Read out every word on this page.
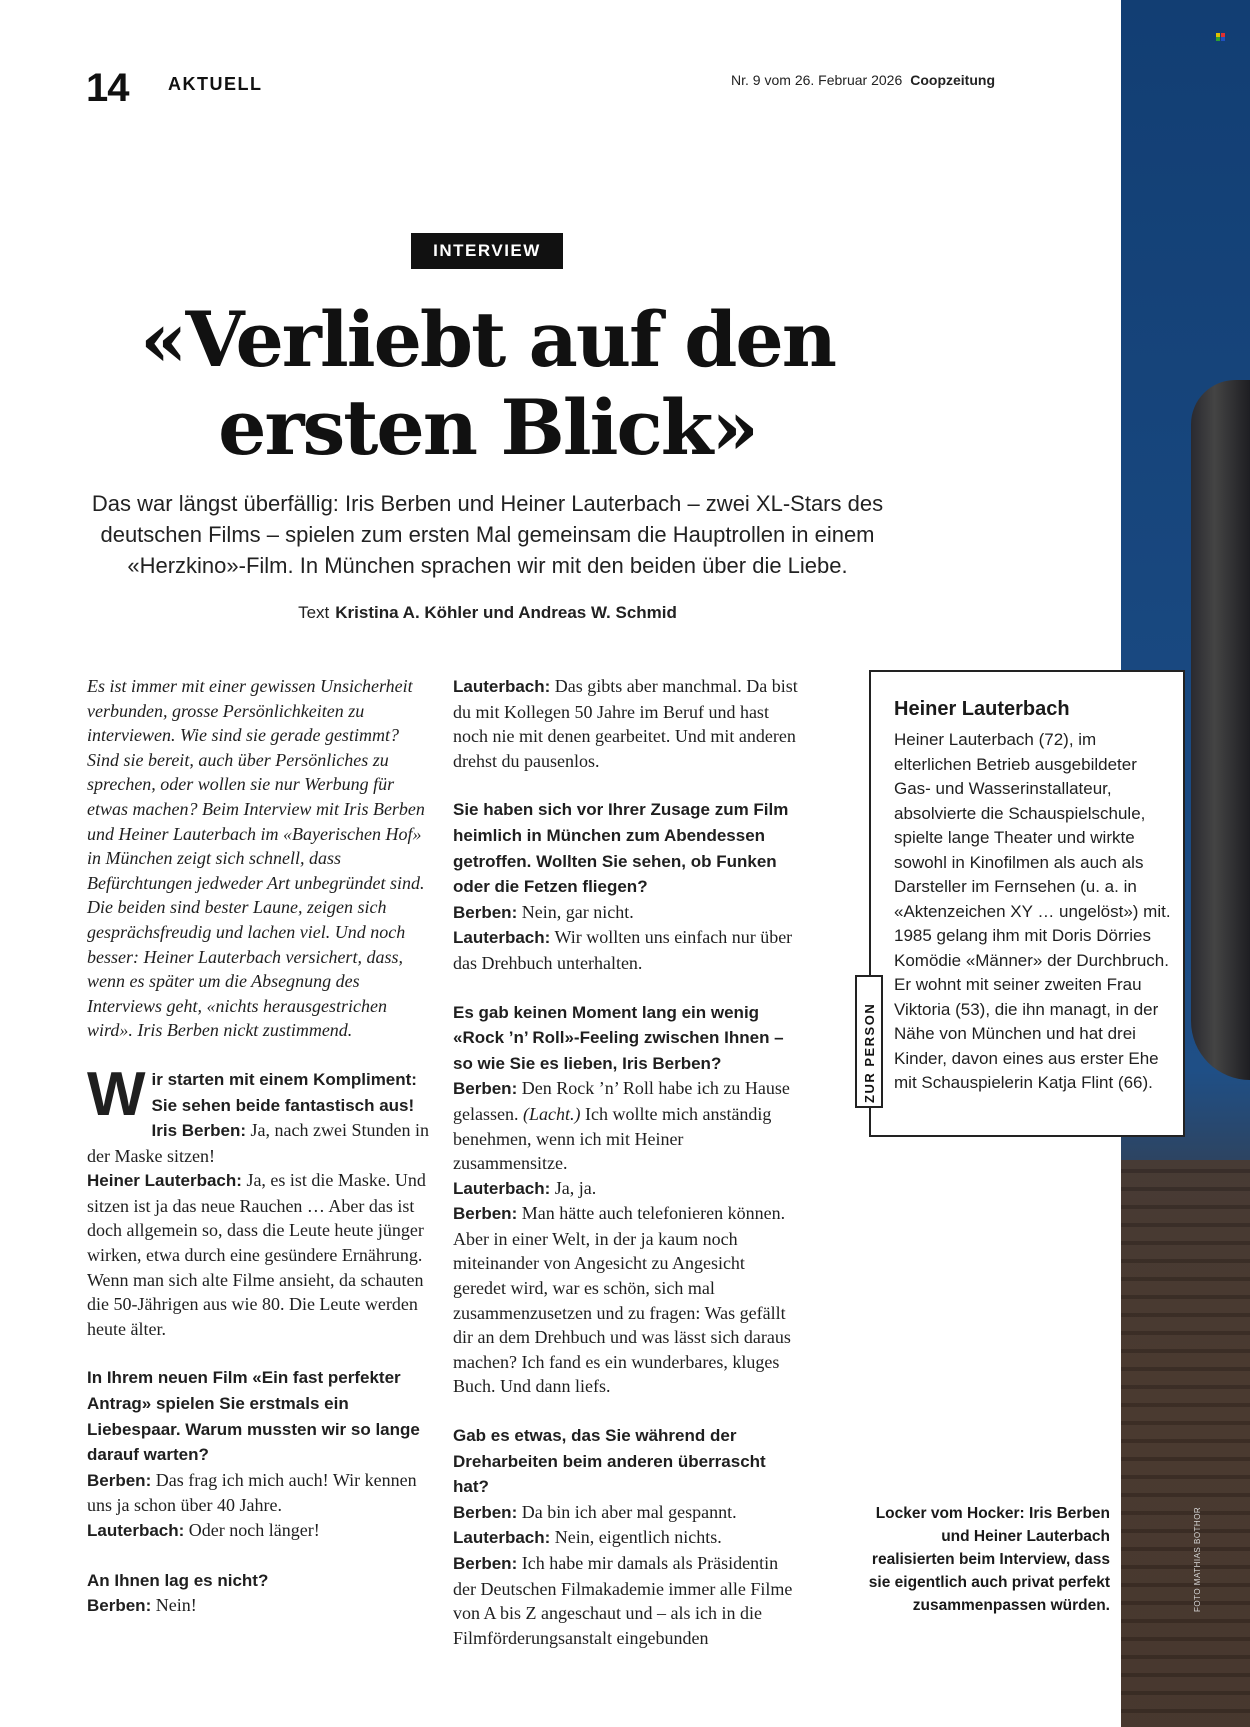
FOTO MATHIAS BOTHOR
14 AKTUELL	Nr. 9 vom 26. Februar 2026 Coopzeitung
INTERVIEW
«Verliebt auf den
ersten Blick»

Das war längst überfällig: Iris Berben und Heiner Lauterbach – zwei XL-Stars des deutschen Films – spielen zum ersten Mal gemeinsam die Hauptrollen in einem «Herzkino»-Film. In München sprachen wir mit den beiden über die Liebe.

Text Kristina A. Köhler und Andreas W. Schmid

Es ist immer mit einer gewissen Unsicherheit verbunden, grosse Persönlichkeiten zu interviewen. Wie sind sie gerade gestimmt? Sind sie bereit, auch über Persönliches zu sprechen, oder wollen sie nur Werbung für etwas machen? Beim Interview mit Iris Berben und Heiner Lauterbach im «Bayerischen Hof» in München zeigt sich schnell, dass Befürchtungen jedweder Art unbegründet sind. Die beiden sind bester Laune, zeigen sich gesprächsfreudig und lachen viel. Und noch besser: Heiner Lauterbach versichert, dass, wenn es später um die Absegnung des Interviews geht, «nichts herausgestrichen wird». Iris Berben nickt zustimmend.

Wir starten mit einem Kompliment: Sie sehen beide fantastisch aus!
Iris Berben: Ja, nach zwei Stunden in der Maske sitzen!
Heiner Lauterbach: Ja, es ist die Maske. Und sitzen ist ja das neue Rauchen … Aber das ist doch allgemein so, dass die Leute heute jünger wirken, etwa durch eine gesündere Ernährung. Wenn man sich alte Filme ansieht, da schauten die 50-Jährigen aus wie 80. Die Leute werden heute älter.

In Ihrem neuen Film «Ein fast perfekter Antrag» spielen Sie erstmals ein Liebespaar. Warum mussten wir so lange darauf warten?
Berben: Das frag ich mich auch! Wir kennen uns ja schon über 40 Jahre.
Lauterbach: Oder noch länger!

An Ihnen lag es nicht?
Berben: Nein!

Lauterbach: Das gibts aber manchmal. Da bist du mit Kollegen 50 Jahre im Beruf und hast noch nie mit denen gearbeitet. Und mit anderen drehst du pausenlos.

Sie haben sich vor Ihrer Zusage zum Film heimlich in München zum Abendessen getroffen. Wollten Sie sehen, ob Funken oder die Fetzen fliegen?
Berben: Nein, gar nicht.
Lauterbach: Wir wollten uns einfach nur über das Drehbuch unterhalten.

Es gab keinen Moment lang ein wenig «Rock ’n’ Roll»-Feeling zwischen Ihnen – so wie Sie es lieben, Iris Berben?
Berben: Den Rock ’n’ Roll habe ich zu Hause gelassen. (Lacht.) Ich wollte mich anständig benehmen, wenn ich mit Heiner zusammensitze.
Lauterbach: Ja, ja.
Berben: Man hätte auch telefonieren können. Aber in einer Welt, in der ja kaum noch miteinander von Angesicht zu Angesicht geredet wird, war es schön, sich mal zusammenzusetzen und zu fragen: Was gefällt dir an dem Drehbuch und was lässt sich daraus machen? Ich fand es ein wunderbares, kluges Buch. Und dann liefs.

Gab es etwas, das Sie während der Dreharbeiten beim anderen überrascht hat?
Berben: Da bin ich aber mal gespannt.
Lauterbach: Nein, eigentlich nichts.
Berben: Ich habe mir damals als Präsidentin der Deutschen Filmakademie immer alle Filme von A bis Z angeschaut und – als ich in die Filmförderungsanstalt eingebunden

Heiner Lauterbach
Heiner Lauterbach (72), im elterlichen Betrieb ausgebildeter Gas- und Wasserinstallateur, absolvierte die Schauspielschule, spielte lange Theater und wirkte sowohl in Kinofilmen als auch als Darsteller im Fernsehen (u. a. in «Aktenzeichen XY … ungelöst») mit. 1985 gelang ihm mit Doris Dörries Komödie «Männer» der Durchbruch. Er wohnt mit seiner zweiten Frau Viktoria (53), die ihn managt, in der Nähe von München und hat drei Kinder, davon eines aus erster Ehe mit Schauspielerin Katja Flint (66).
ZUR PERSON
Locker vom Hocker: Iris Berben und Heiner Lauterbach realisierten beim Interview, dass sie eigentlich auch privat perfekt zusammenpassen würden.
